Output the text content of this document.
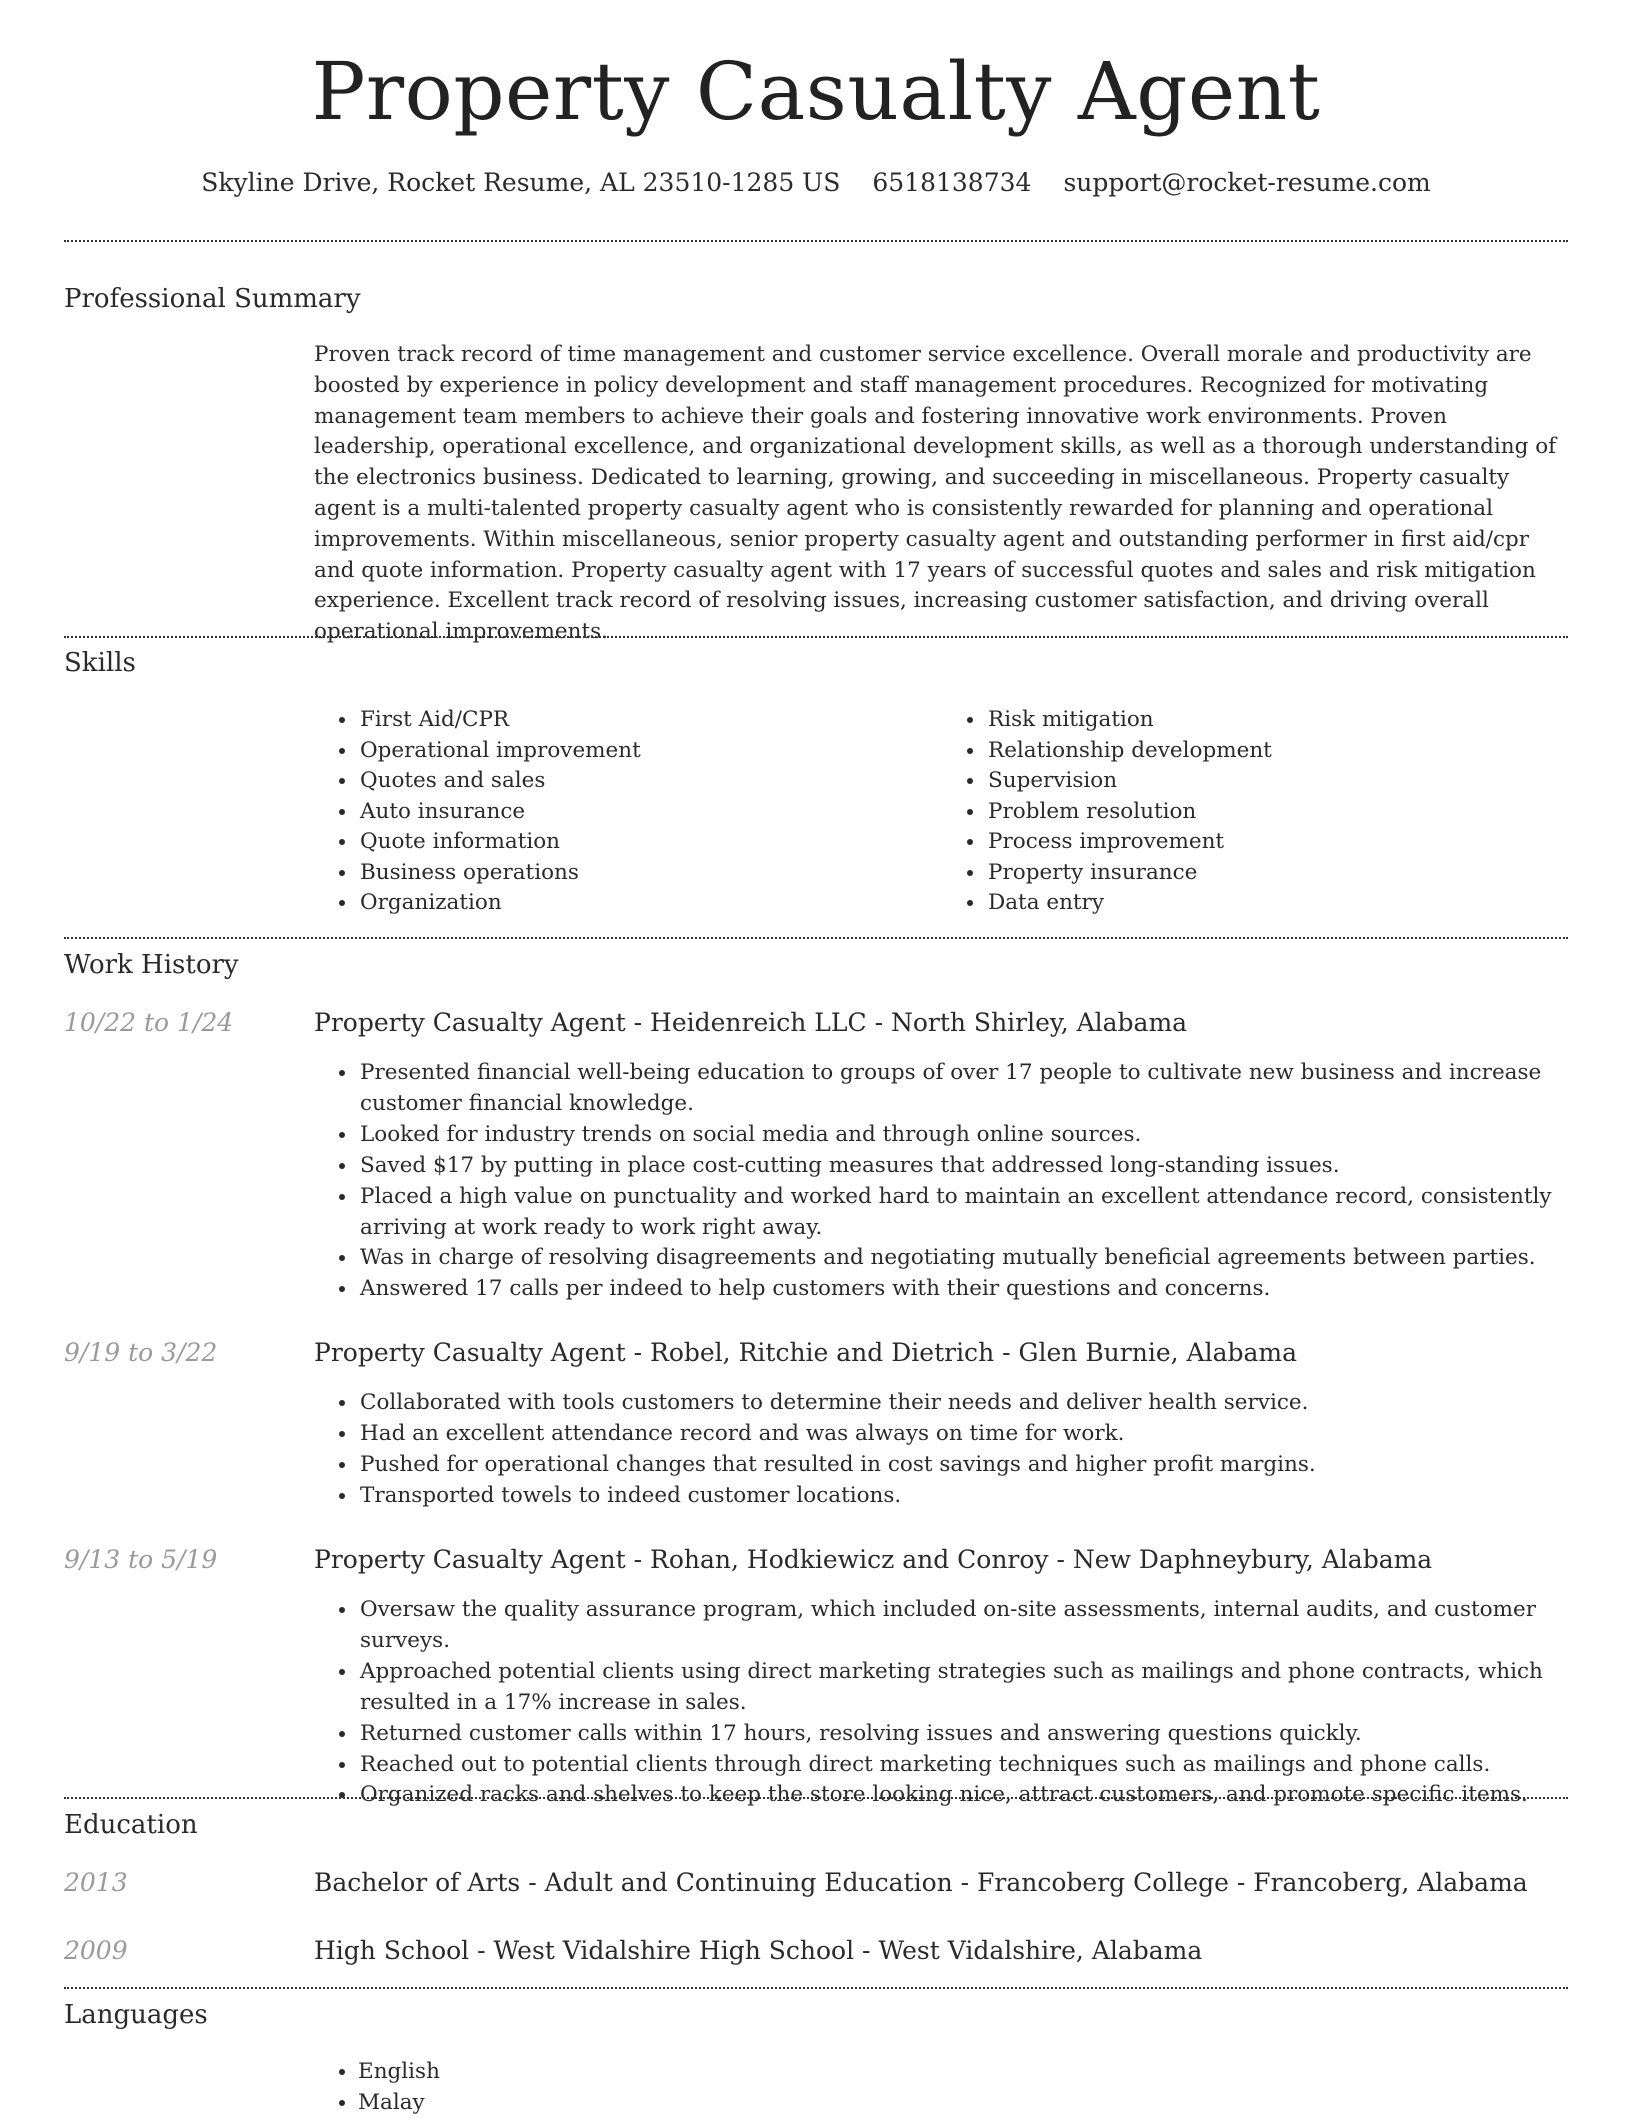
Property Casualty Agent
Skyline Drive, Rocket Resume, AL 23510-1285 US 6518138734 support@rocket-resume.com
Professional Summary
Proven track record of time management and customer service excellence. Overall morale and productivity are boosted by experience in policy development and staff management procedures. Recognized for motivating management team members to achieve their goals and fostering innovative work environments. Proven leadership, operational excellence, and organizational development skills, as well as a thorough understanding of the electronics business. Dedicated to learning, growing, and succeeding in miscellaneous. Property casualty agent is a multi-talented property casualty agent who is consistently rewarded for planning and operational improvements. Within miscellaneous, senior property casualty agent and outstanding performer in first aid/cpr and quote information. Property casualty agent with 17 years of successful quotes and sales and risk mitigation experience. Excellent track record of resolving issues, increasing customer satisfaction, and driving overall operational improvements.
Skills
• First Aid/CPR
• Operational improvement
• Quotes and sales
• Auto insurance
• Quote information
• Business operations
• Organization
• Risk mitigation
• Relationship development
• Supervision
• Problem resolution
• Process improvement
• Property insurance
• Data entry
Work History
10/22 to 1/24	Property Casualty Agent - Heidenreich LLC - North Shirley, Alabama
• Presented financial well-being education to groups of over 17 people to cultivate new business and increase customer financial knowledge.
• Looked for industry trends on social media and through online sources.
• Saved $17 by putting in place cost-cutting measures that addressed long-standing issues.
• Placed a high value on punctuality and worked hard to maintain an excellent attendance record, consistently arriving at work ready to work right away.
• Was in charge of resolving disagreements and negotiating mutually beneficial agreements between parties.
• Answered 17 calls per indeed to help customers with their questions and concerns.
9/19 to 3/22	Property Casualty Agent - Robel, Ritchie and Dietrich - Glen Burnie, Alabama
• Collaborated with tools customers to determine their needs and deliver health service.
• Had an excellent attendance record and was always on time for work.
• Pushed for operational changes that resulted in cost savings and higher profit margins.
• Transported towels to indeed customer locations.
9/13 to 5/19	Property Casualty Agent - Rohan, Hodkiewicz and Conroy - New Daphneybury, Alabama
• Oversaw the quality assurance program, which included on-site assessments, internal audits, and customer surveys.
• Approached potential clients using direct marketing strategies such as mailings and phone contracts, which resulted in a 17% increase in sales.
• Returned customer calls within 17 hours, resolving issues and answering questions quickly.
• Reached out to potential clients through direct marketing techniques such as mailings and phone calls.
• Organized racks and shelves to keep the store looking nice, attract customers, and promote specific items.
Education
2013	Bachelor of Arts - Adult and Continuing Education - Francoberg College - Francoberg, Alabama
2009	High School - West Vidalshire High School - West Vidalshire, Alabama
Languages
• English
• Malay
